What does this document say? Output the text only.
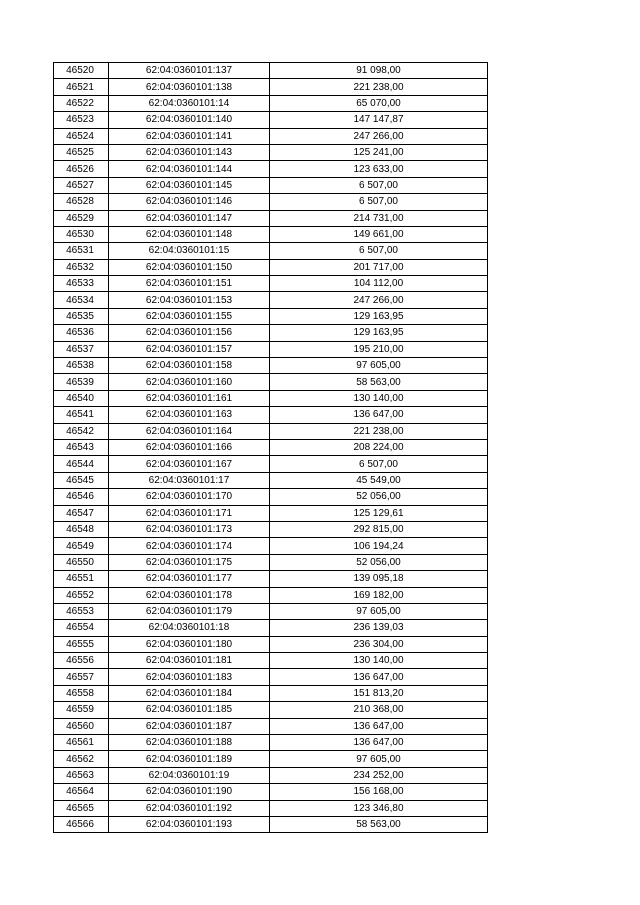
46520	62:04:0360101:137	91 098,00
46521	62:04:0360101:138	221 238,00
46522	62:04:0360101:14	65 070,00
46523	62:04:0360101:140	147 147,87
46524	62:04:0360101:141	247 266,00
46525	62:04:0360101:143	125 241,00
46526	62:04:0360101:144	123 633,00
46527	62:04:0360101:145	6 507,00
46528	62:04:0360101:146	6 507,00
46529	62:04:0360101:147	214 731,00
46530	62:04:0360101:148	149 661,00
46531	62:04:0360101:15	6 507,00
46532	62:04:0360101:150	201 717,00
46533	62:04:0360101:151	104 112,00
46534	62:04:0360101:153	247 266,00
46535	62:04:0360101:155	129 163,95
46536	62:04:0360101:156	129 163,95
46537	62:04:0360101:157	195 210,00
46538	62:04:0360101:158	97 605,00
46539	62:04:0360101:160	58 563,00
46540	62:04:0360101:161	130 140,00
46541	62:04:0360101:163	136 647,00
46542	62:04:0360101:164	221 238,00
46543	62:04:0360101:166	208 224,00
46544	62:04:0360101:167	6 507,00
46545	62:04:0360101:17	45 549,00
46546	62:04:0360101:170	52 056,00
46547	62:04:0360101:171	125 129,61
46548	62:04:0360101:173	292 815,00
46549	62:04:0360101:174	106 194,24
46550	62:04:0360101:175	52 056,00
46551	62:04:0360101:177	139 095,18
46552	62:04:0360101:178	169 182,00
46553	62:04:0360101:179	97 605,00
46554	62:04:0360101:18	236 139,03
46555	62:04:0360101:180	236 304,00
46556	62:04:0360101:181	130 140,00
46557	62:04:0360101:183	136 647,00
46558	62:04:0360101:184	151 813,20
46559	62:04:0360101:185	210 368,00
46560	62:04:0360101:187	136 647,00
46561	62:04:0360101:188	136 647,00
46562	62:04:0360101:189	97 605,00
46563	62:04:0360101:19	234 252,00
46564	62:04:0360101:190	156 168,00
46565	62:04:0360101:192	123 346,80
46566	62:04:0360101:193	58 563,00
